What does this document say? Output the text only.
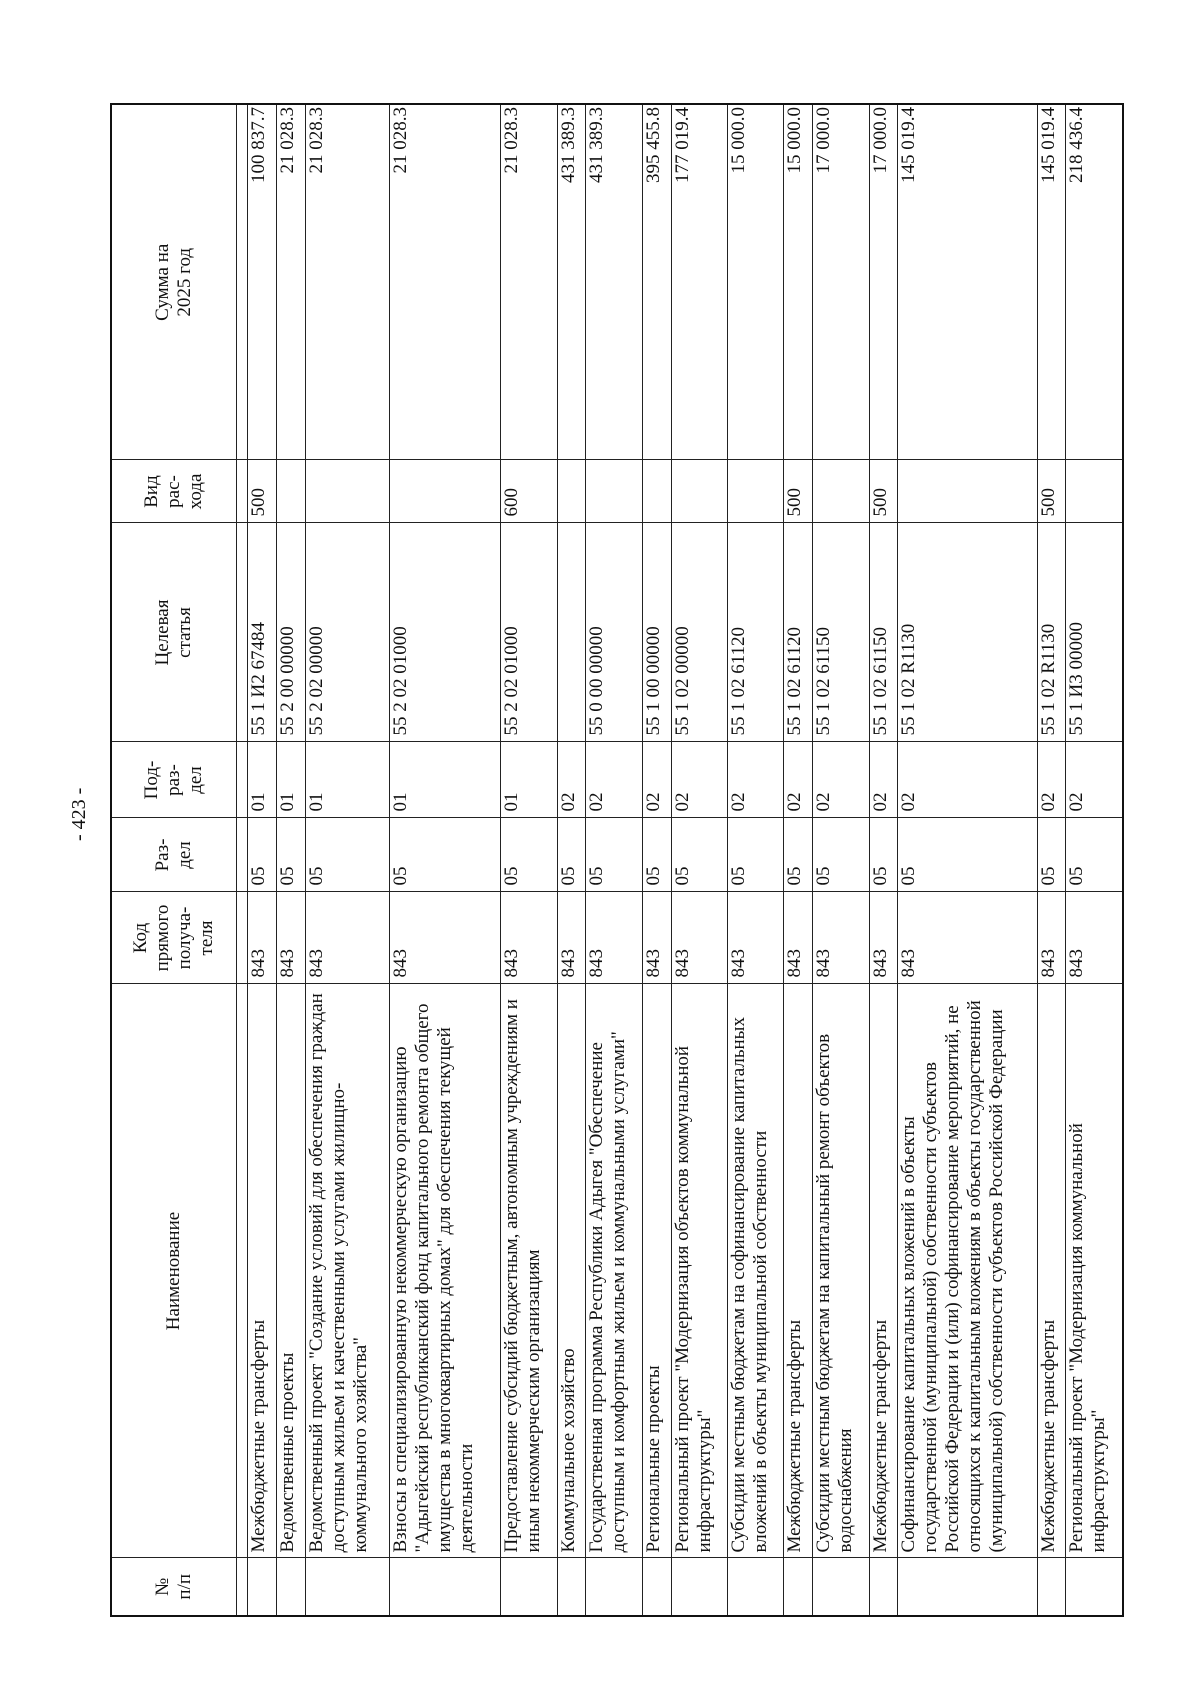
- 423 -
№
п/п	Наименование	Код
прямого
получа-
теля	Раз-
дел	Под-
раз-
дел	Целевая
статья	Вид
рас-
хода	Сумма на
2025 год

	Межбюджетные трансферты	843	05	01	55 1 И2 67484	500	100 837.7
	Ведомственные проекты	843	05	01	55 2 00 00000		21 028.3
	Ведомственный проект "Создание условий для обеспечения граждан доступным жильем и качественными услугами жилищно-коммунального хозяйства"	843	05	01	55 2 02 00000		21 028.3
	Взносы в специализированную некоммерческую организацию "Адыгейский республиканский фонд капитального ремонта общего имущества в многоквартирных домах" для обеспечения текущей деятельности	843	05	01	55 2 02 01000		21 028.3
	Предоставление субсидий бюджетным, автономным учреждениям и иным некоммерческим организациям	843	05	01	55 2 02 01000	600	21 028.3
	Коммунальное хозяйство	843	05	02			431 389.3
	Государственная программа Республики Адыгея "Обеспечение доступным и комфортным жильем и коммунальными услугами"	843	05	02	55 0 00 00000		431 389.3
	Региональные проекты	843	05	02	55 1 00 00000		395 455.8
	Региональный проект "Модернизация объектов коммунальной инфраструктуры"	843	05	02	55 1 02 00000		177 019.4
	Субсидии местным бюджетам на софинансирование капитальных вложений в объекты муниципальной собственности	843	05	02	55 1 02 61120		15 000.0
	Межбюджетные трансферты	843	05	02	55 1 02 61120	500	15 000.0
	Субсидии местным бюджетам на капитальный ремонт объектов водоснабжения	843	05	02	55 1 02 61150		17 000.0
	Межбюджетные трансферты	843	05	02	55 1 02 61150	500	17 000.0
	Софинансирование капитальных вложений в объекты государственной (муниципальной) собственности субъектов Российской Федерации и (или) софинансирование мероприятий, не относящихся к капитальным вложениям в объекты государственной (муниципальной) собственности субъектов Российской Федерации	843	05	02	55 1 02 R1130		145 019.4
	Межбюджетные трансферты	843	05	02	55 1 02 R1130	500	145 019.4
	Региональный проект "Модернизация коммунальной инфраструктуры"	843	05	02	55 1 И3 00000		218 436.4
